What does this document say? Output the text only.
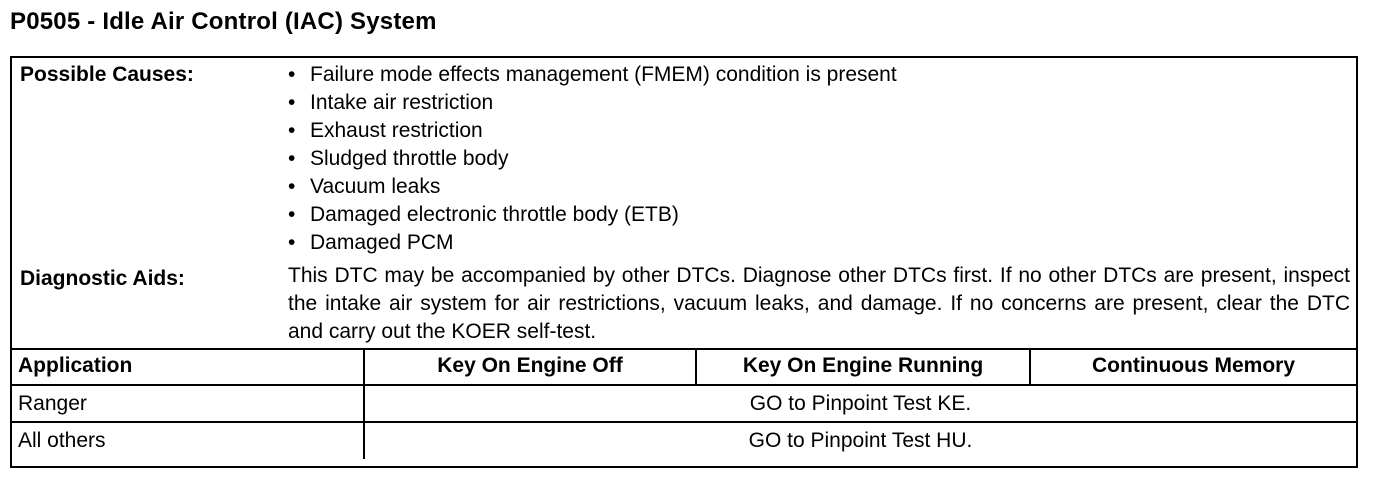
P0505 - Idle Air Control (IAC) System
Possible Causes:	• Failure mode effects management (FMEM) condition is present
• Intake air restriction
• Exhaust restriction
• Sludged throttle body
• Vacuum leaks
• Damaged electronic throttle body (ETB)
• Damaged PCM
Diagnostic Aids:	This DTC may be accompanied by other DTCs. Diagnose other DTCs first. If no other DTCs are present, inspect the intake air system for air restrictions, vacuum leaks, and damage. If no concerns are present, clear the DTC and carry out the KOER self-test.
Application	Key On Engine Off	Key On Engine Running	Continuous Memory
Ranger	GO to Pinpoint Test KE.		
All others	GO to Pinpoint Test HU.		
